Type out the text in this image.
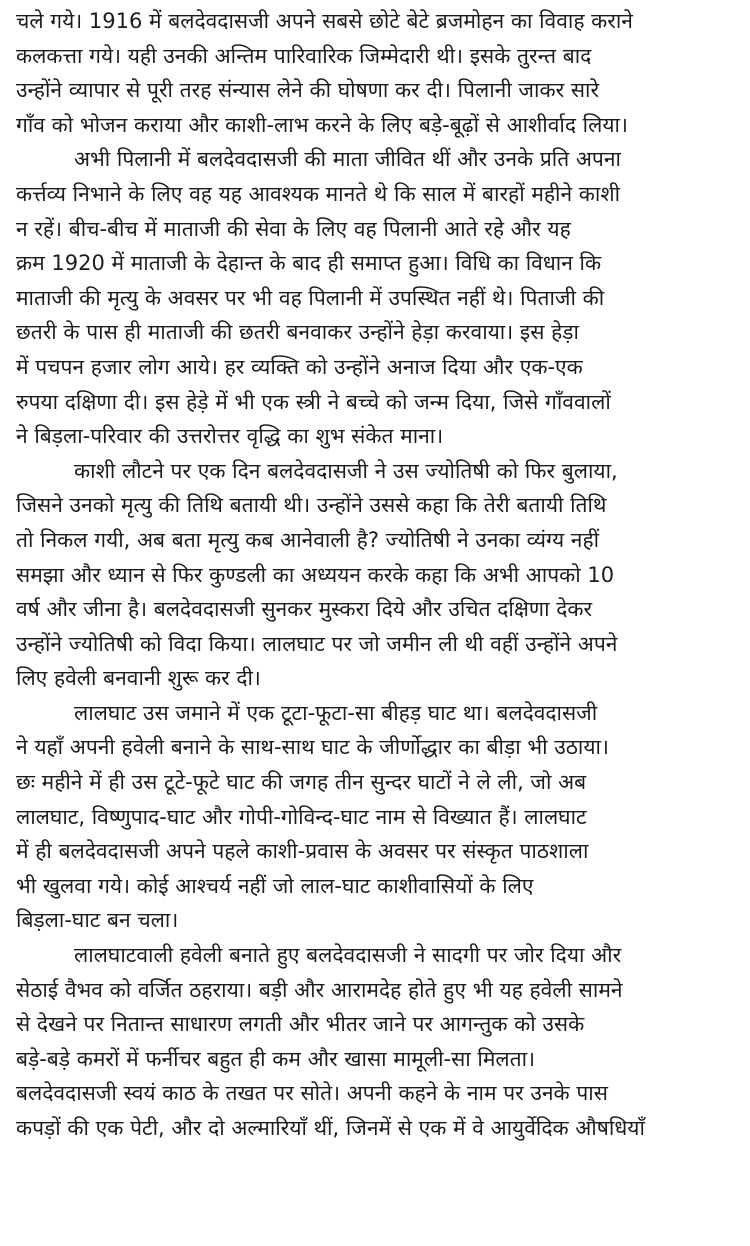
चले गये। 1916 में बलदेवदासजी अपने सबसे छोटे बेटे ब्रजमोहन का विवाह कराने
कलकत्ता गये। यही उनकी अन्तिम पारिवारिक जिम्मेदारी थी। इसके तुरन्त बाद
उन्होंने व्यापार से पूरी तरह संन्यास लेने की घोषणा कर दी। पिलानी जाकर सारे
गाँव को भोजन कराया और काशी-लाभ करने के लिए बड़े-बूढ़ों से आशीर्वाद लिया।
अभी पिलानी में बलदेवदासजी की माता जीवित थीं और उनके प्रति अपना
कर्त्तव्य निभाने के लिए वह यह आवश्यक मानते थे कि साल में बारहों महीने काशी
न रहें। बीच-बीच में माताजी की सेवा के लिए वह पिलानी आते रहे और यह
क्रम 1920 में माताजी के देहान्त के बाद ही समाप्त हुआ। विधि का विधान कि
माताजी की मृत्यु के अवसर पर भी वह पिलानी में उपस्थित नहीं थे। पिताजी की
छतरी के पास ही माताजी की छतरी बनवाकर उन्होंने हेड़ा करवाया। इस हेड़ा
में पचपन हजार लोग आये। हर व्यक्ति को उन्होंने अनाज दिया और एक-एक
रुपया दक्षिणा दी। इस हेड़े में भी एक स्त्री ने बच्चे को जन्म दिया, जिसे गाँववालों
ने बिड़ला-परिवार की उत्तरोत्तर वृद्धि का शुभ संकेत माना।
काशी लौटने पर एक दिन बलदेवदासजी ने उस ज्योतिषी को फिर बुलाया,
जिसने उनको मृत्यु की तिथि बतायी थी। उन्होंने उससे कहा कि तेरी बतायी तिथि
तो निकल गयी, अब बता मृत्यु कब आनेवाली है? ज्योतिषी ने उनका व्यंग्य नहीं
समझा और ध्यान से फिर कुण्डली का अध्ययन करके कहा कि अभी आपको 10
वर्ष और जीना है। बलदेवदासजी सुनकर मुस्करा दिये और उचित दक्षिणा देकर
उन्होंने ज्योतिषी को विदा किया। लालघाट पर जो जमीन ली थी वहीं उन्होंने अपने
लिए हवेली बनवानी शुरू कर दी।
लालघाट उस जमाने में एक टूटा-फूटा-सा बीहड़ घाट था। बलदेवदासजी
ने यहाँ अपनी हवेली बनाने के साथ-साथ घाट के जीर्णोद्धार का बीड़ा भी उठाया।
छः महीने में ही उस टूटे-फूटे घाट की जगह तीन सुन्दर घाटों ने ले ली, जो अब
लालघाट, विष्णुपाद-घाट और गोपी-गोविन्द-घाट नाम से विख्यात हैं। लालघाट
में ही बलदेवदासजी अपने पहले काशी-प्रवास के अवसर पर संस्कृत पाठशाला
भी खुलवा गये। कोई आश्चर्य नहीं जो लाल-घाट काशीवासियों के लिए
बिड़ला-घाट बन चला।
लालघाटवाली हवेली बनाते हुए बलदेवदासजी ने सादगी पर जोर दिया और
सेठाई वैभव को वर्जित ठहराया। बड़ी और आरामदेह होते हुए भी यह हवेली सामने
से देखने पर नितान्त साधारण लगती और भीतर जाने पर आगन्तुक को उसके
बड़े-बड़े कमरों में फर्नीचर बहुत ही कम और खासा मामूली-सा मिलता।
बलदेवदासजी स्वयं काठ के तखत पर सोते। अपनी कहने के नाम पर उनके पास
कपड़ों की एक पेटी, और दो अल्मारियाँ थीं, जिनमें से एक में वे आयुर्वेदिक औषधियाँ
